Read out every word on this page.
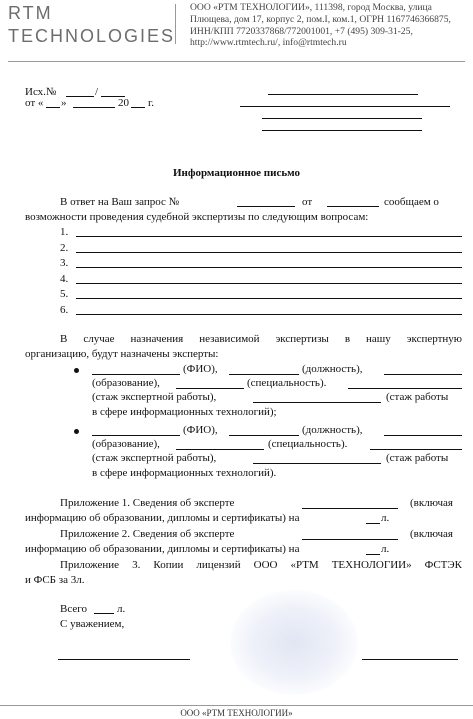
RTM
TECHNOLOGIES
ООО «РТМ ТЕХНОЛОГИИ», 111398, город Москва, улица Плющева, дом 17, корпус 2, пом.I, ком.1, ОГРН 1167746366875, ИНН/КПП 7720337868/772001001, +7 (495) 309-31-25, http://www.rtmtech.ru/, info@rtmtech.ru
Исх.№	/
от « »	20 г.
Информационное письмо
В ответ на Ваш запрос №	от	сообщаем о
возможности проведения судебной экспертизы по следующим вопросам:
1.
2.
3.
4.
5.
6.
В случае назначения независимой экспертизы в нашу экспертную
организацию, будут назначены эксперты:
(ФИО),	(должность),
(образование),	(специальность).
(стаж экспертной работы),	(стаж работы
в сфере информационных технологий);
(ФИО),	(должность),
(образование),	(специальность).
(стаж экспертной работы),	(стаж работы
в сфере информационных технологий).
Приложение 1. Сведения об эксперте	(включая
информацию об образовании, дипломы и сертификаты) на	л.
Приложение 2. Сведения об эксперте	(включая
информацию об образовании, дипломы и сертификаты) на	л.
Приложение 3. Копии лицензий ООО «РТМ ТЕХНОЛОГИИ» ФСТЭК
и ФСБ за 3л.
Всего	л.
С уважением,
ООО «РТМ ТЕХНОЛОГИИ»
